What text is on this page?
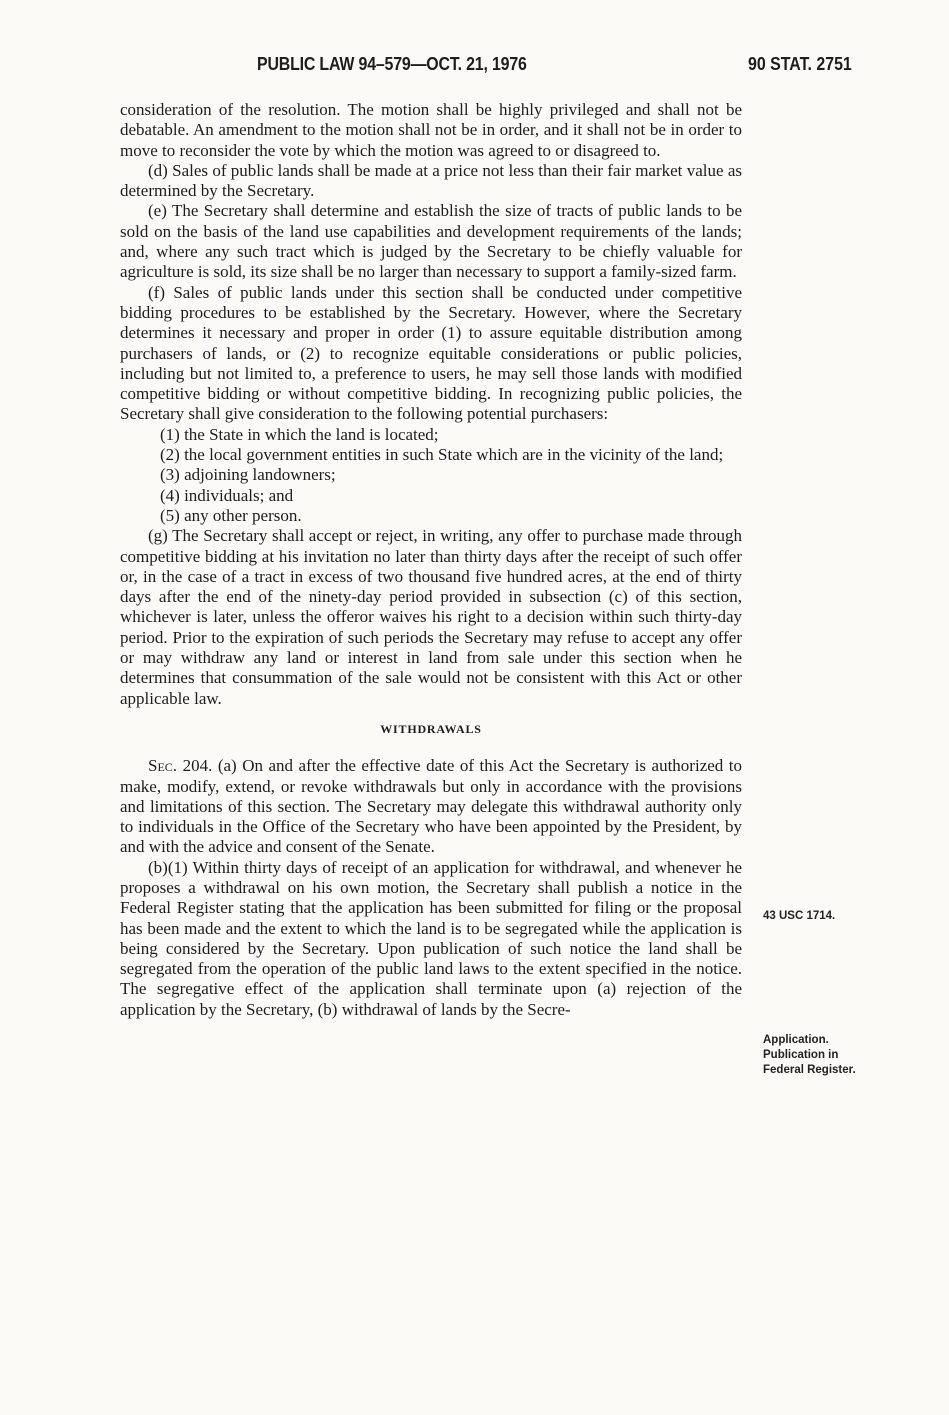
PUBLIC LAW 94–579—OCT. 21, 1976	90 STAT. 2751

consideration of the resolution. The motion shall be highly privileged and shall not be debatable. An amendment to the motion shall not be in order, and it shall not be in order to move to reconsider the vote by which the motion was agreed to or disagreed to.

(d) Sales of public lands shall be made at a price not less than their fair market value as determined by the Secretary.

(e) The Secretary shall determine and establish the size of tracts of public lands to be sold on the basis of the land use capabilities and development requirements of the lands; and, where any such tract which is judged by the Secretary to be chiefly valuable for agriculture is sold, its size shall be no larger than necessary to support a family-sized farm.

(f) Sales of public lands under this section shall be conducted under competitive bidding procedures to be established by the Secretary. However, where the Secretary determines it necessary and proper in order (1) to assure equitable distribution among purchasers of lands, or (2) to recognize equitable considerations or public policies, including but not limited to, a preference to users, he may sell those lands with modified competitive bidding or without competitive bidding. In recognizing public policies, the Secretary shall give consideration to the following potential purchasers:

(1) the State in which the land is located;

(2) the local government entities in such State which are in the vicinity of the land;

(3) adjoining landowners;

(4) individuals; and

(5) any other person.

(g) The Secretary shall accept or reject, in writing, any offer to purchase made through competitive bidding at his invitation no later than thirty days after the receipt of such offer or, in the case of a tract in excess of two thousand five hundred acres, at the end of thirty days after the end of the ninety-day period provided in subsection (c) of this section, whichever is later, unless the offeror waives his right to a decision within such thirty-day period. Prior to the expiration of such periods the Secretary may refuse to accept any offer or may withdraw any land or interest in land from sale under this section when he determines that consummation of the sale would not be consistent with this Act or other applicable law.

WITHDRAWALS

Sec. 204. (a) On and after the effective date of this Act the Secretary is authorized to make, modify, extend, or revoke withdrawals but only in accordance with the provisions and limitations of this section. The Secretary may delegate this withdrawal authority only to individuals in the Office of the Secretary who have been appointed by the President, by and with the advice and consent of the Senate.

(b)(1) Within thirty days of receipt of an application for withdrawal, and whenever he proposes a withdrawal on his own motion, the Secretary shall publish a notice in the Federal Register stating that the application has been submitted for filing or the proposal has been made and the extent to which the land is to be segregated while the application is being considered by the Secretary. Upon publication of such notice the land shall be segregated from the operation of the public land laws to the extent specified in the notice. The segregative effect of the application shall terminate upon (a) rejection of the application by the Secretary, (b) withdrawal of lands by the Secre-

43 USC 1714.
Application.
Publication in
Federal Register.
